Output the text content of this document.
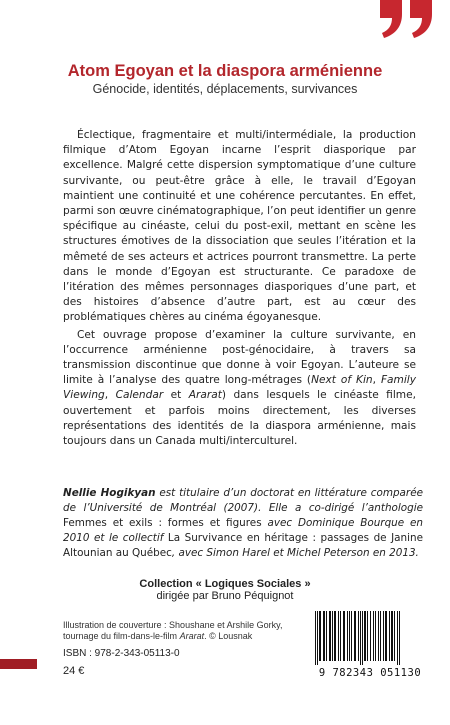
Atom Egoyan et la diaspora arménienne
Génocide, identités, déplacements, survivances

Éclectique, fragmentaire et multi/intermédiale, la production filmique d’Atom Egoyan incarne l’esprit diasporique par excellence. Malgré cette dispersion symptomatique d’une culture survivante, ou peut-être grâce à elle, le travail d’Egoyan maintient une continuité et une cohérence percutantes. En effet, parmi son œuvre cinématographique, l’on peut identifier un genre spécifique au cinéaste, celui du post-exil, mettant en scène les structures émotives de la dissociation que seules l’itération et la mêmeté de ses acteurs et actrices pourront transmettre. La perte dans le monde d’Egoyan est structurante. Ce paradoxe de l’itération des mêmes personnages diasporiques d’une part, et des histoires d’absence d’autre part, est au cœur des problématiques chères au cinéma égoyanesque.

Cet ouvrage propose d’examiner la culture survivante, en l’occurrence arménienne post-génocidaire, à travers sa transmission discontinue que donne à voir Egoyan. L’auteure se limite à l’analyse des quatre long-métrages (Next of Kin, Family Viewing, Calendar et Ararat) dans lesquels le cinéaste filme, ouvertement et parfois moins directement, les diverses représentations des identités de la diaspora arménienne, mais toujours dans un Canada multi/interculturel.

Nellie Hogikyan est titulaire d’un doctorat en littérature comparée de l’Université de Montréal (2007). Elle a co-dirigé l’anthologie Femmes et exils : formes et figures avec Dominique Bourque en 2010 et le collectif La Survivance en héritage : passages de Janine Altounian au Québec, avec Simon Harel et Michel Peterson en 2013.
Collection « Logiques Sociales »
dirigée par Bruno Péquignot
Illustration de couverture : Shoushane et Arshile Gorky,
tournage du film-dans-le-film Ararat. © Lousnak
ISBN : 978-2-343-05113-0
24 €	9 782343 051130
